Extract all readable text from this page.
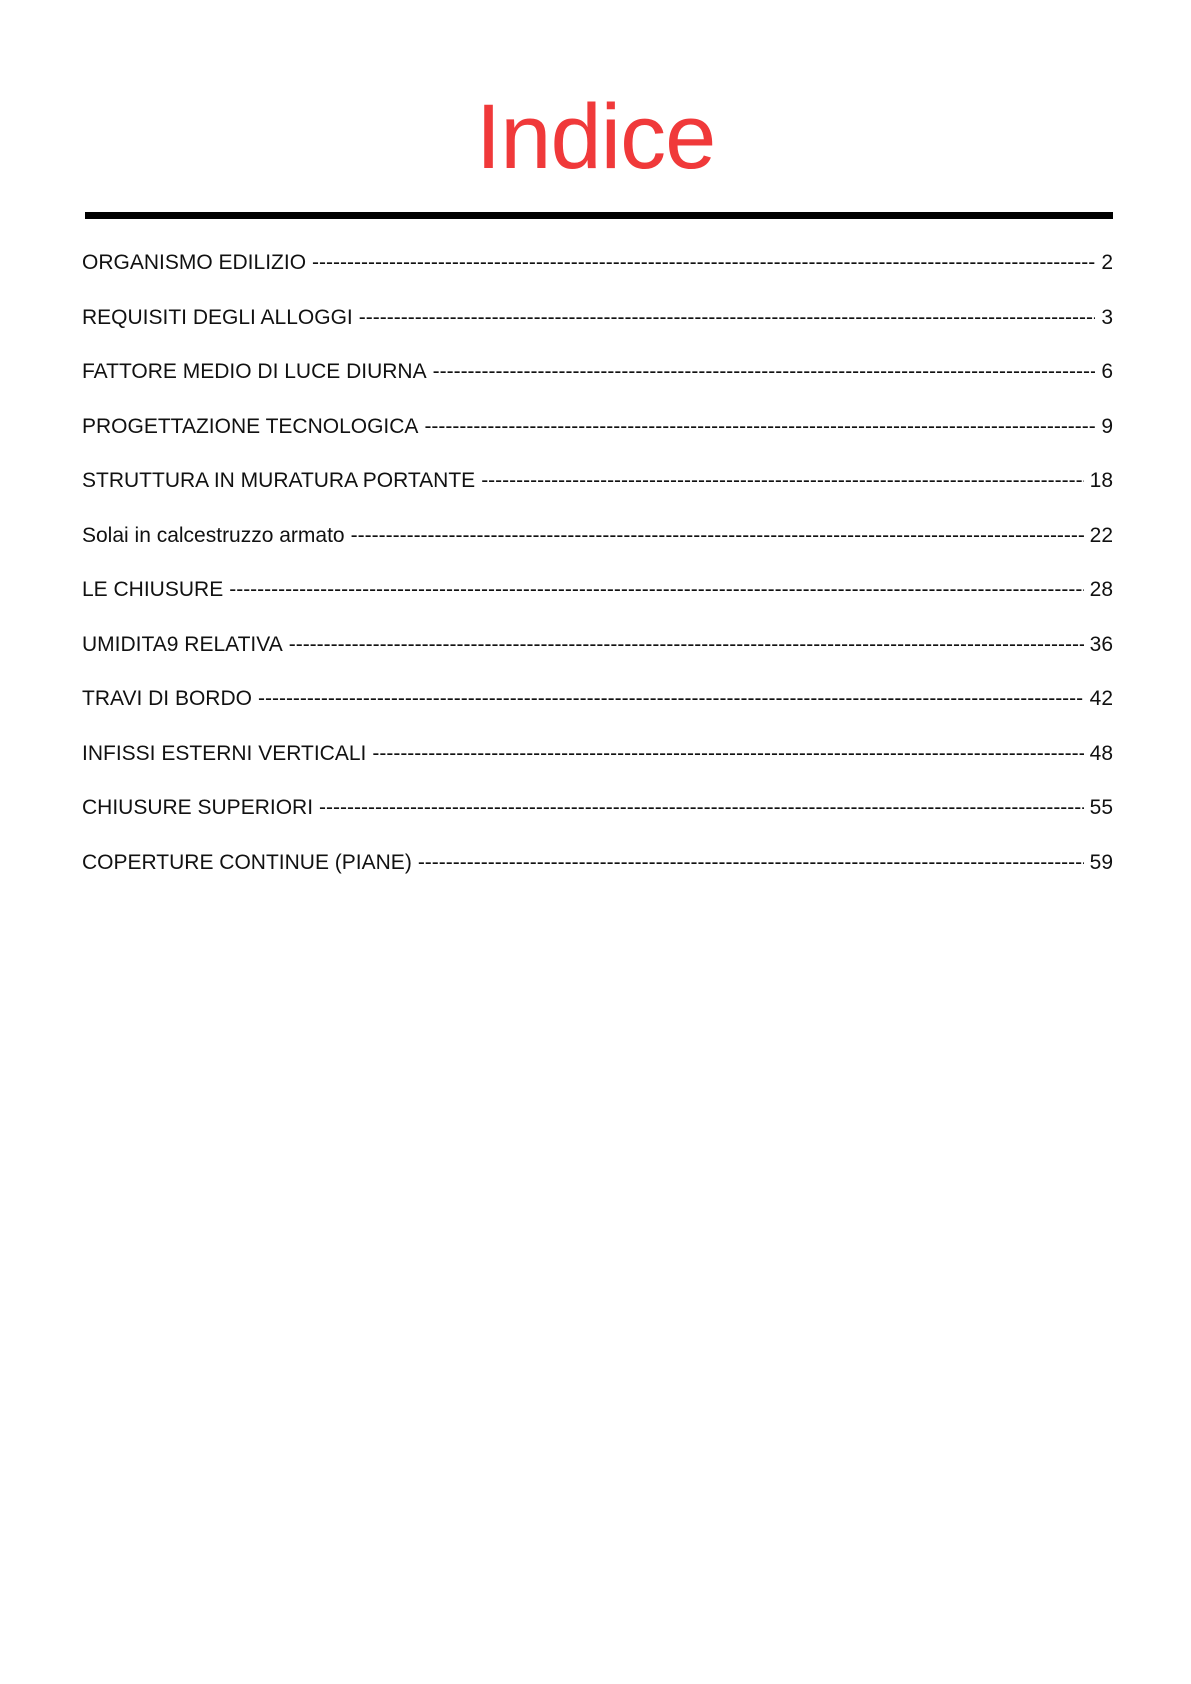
Indice
ORGANISMO EDILIZIO -----	2
REQUISITI DEGLI ALLOGGI -----	3
FATTORE MEDIO DI LUCE DIURNA -----	6
PROGETTAZIONE TECNOLOGICA -----	9
STRUTTURA IN MURATURA PORTANTE -----	18
Solai in calcestruzzo armato -----	22
LE CHIUSURE -----	28
UMIDITA9 RELATIVA -----	36
TRAVI DI BORDO -----	42
INFISSI ESTERNI VERTICALI -----	48
CHIUSURE SUPERIORI -----	55
COPERTURE CONTINUE (PIANE) -----	59
